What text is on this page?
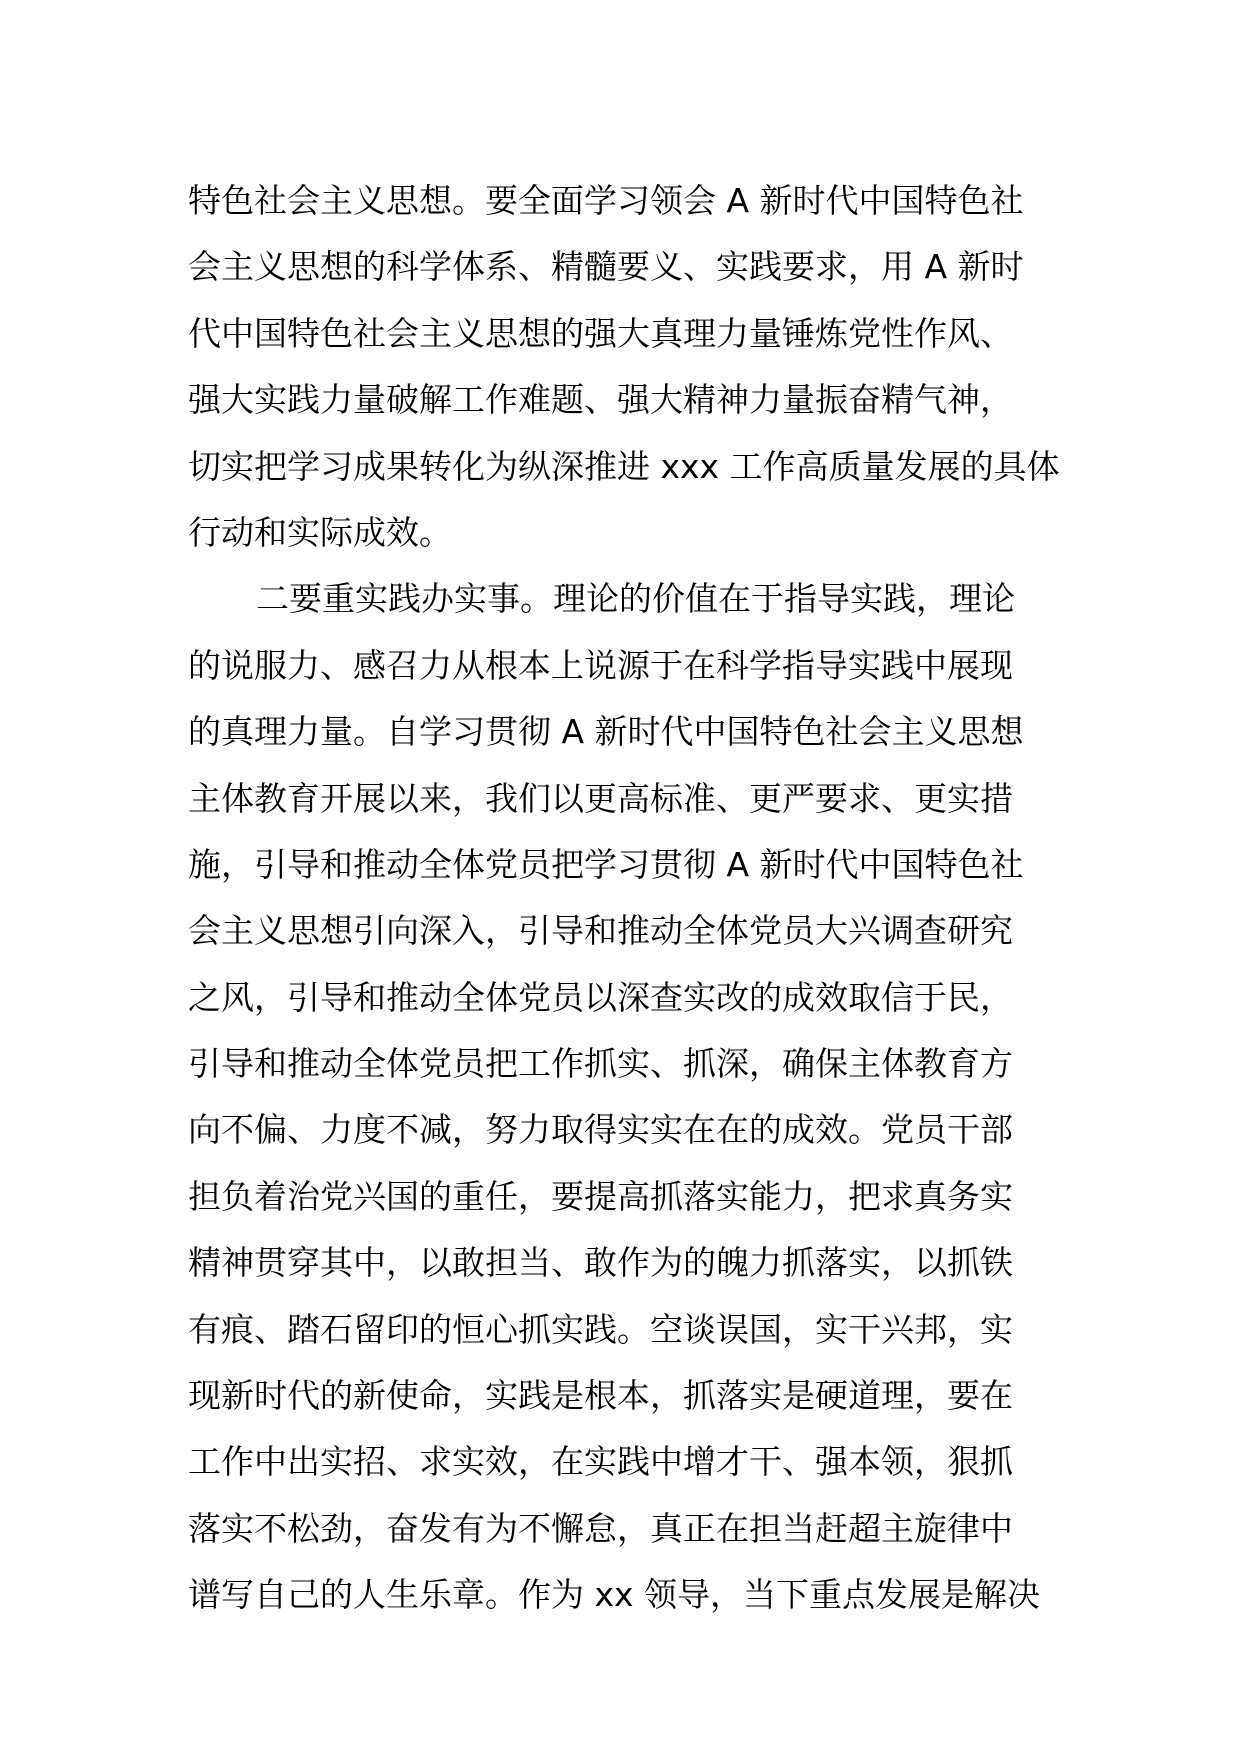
特色社会主义思想。要全面学习领会 A 新时代中国特色社
会主义思想的科学体系、精髓要义、实践要求，用 A 新时
代中国特色社会主义思想的强大真理力量锤炼党性作风、
强大实践力量破解工作难题、强大精神力量振奋精气神，
切实把学习成果转化为纵深推进 xxx 工作高质量发展的具体
行动和实际成效。
二要重实践办实事。理论的价值在于指导实践，理论
的说服力、感召力从根本上说源于在科学指导实践中展现
的真理力量。自学习贯彻 A 新时代中国特色社会主义思想
主体教育开展以来，我们以更高标准、更严要求、更实措
施，引导和推动全体党员把学习贯彻 A 新时代中国特色社
会主义思想引向深入，引导和推动全体党员大兴调查研究
之风，引导和推动全体党员以深查实改的成效取信于民，
引导和推动全体党员把工作抓实、抓深，确保主体教育方
向不偏、力度不减，努力取得实实在在的成效。党员干部
担负着治党兴国的重任，要提高抓落实能力，把求真务实
精神贯穿其中，以敢担当、敢作为的魄力抓落实，以抓铁
有痕、踏石留印的恒心抓实践。空谈误国，实干兴邦，实
现新时代的新使命，实践是根本，抓落实是硬道理，要在
工作中出实招、求实效，在实践中增才干、强本领，狠抓
落实不松劲，奋发有为不懈怠，真正在担当赶超主旋律中
谱写自己的人生乐章。作为 xx 领导，当下重点发展是解决
